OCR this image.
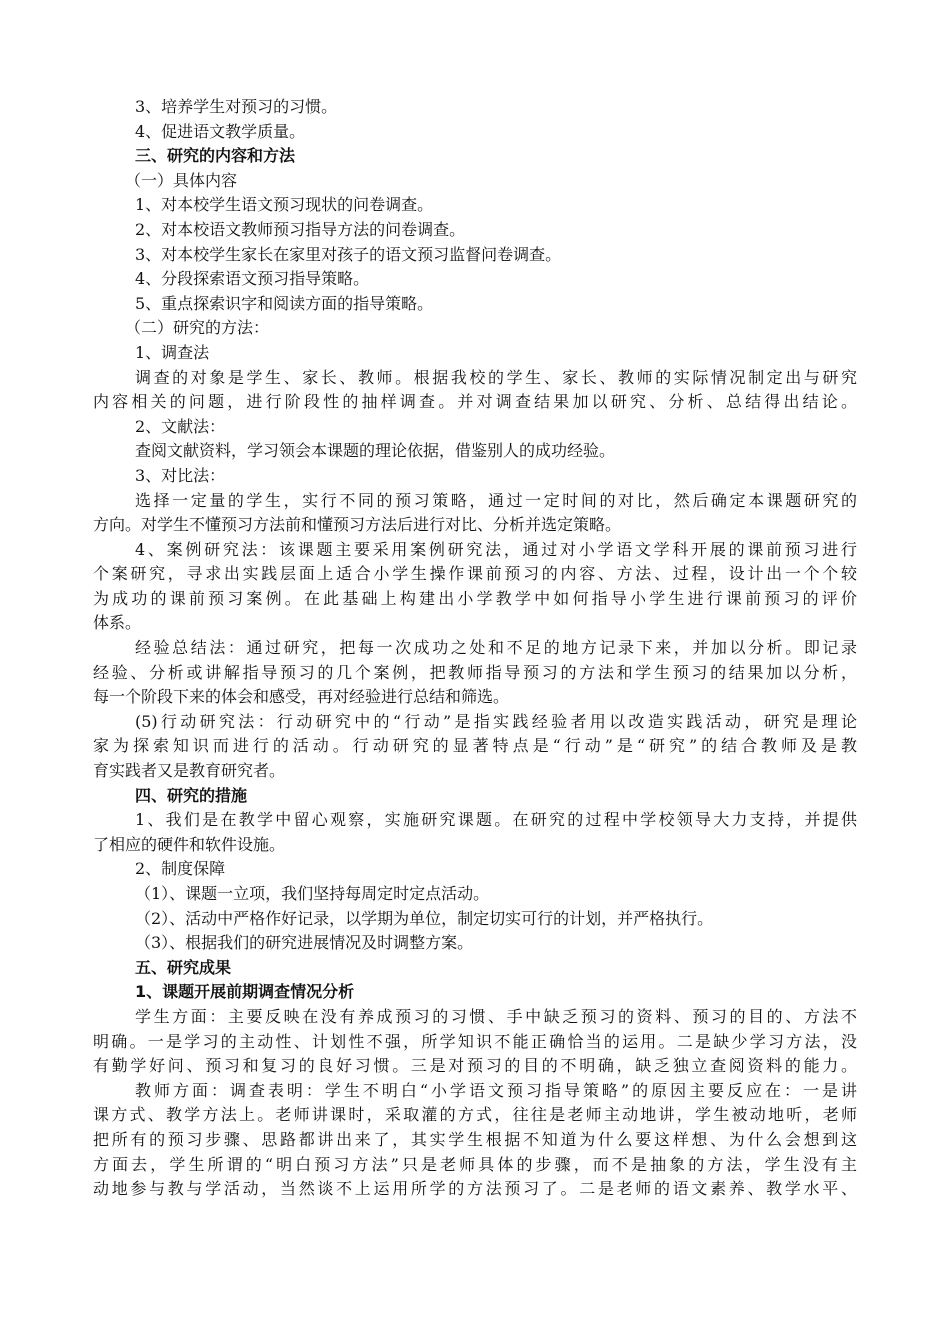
3、培养学生对预习的习惯。
4、促进语文教学质量。
三、研究的内容和方法
（一）具体内容
1、对本校学生语文预习现状的问卷调查。
2、对本校语文教师预习指导方法的问卷调查。
3、对本校学生家长在家里对孩子的语文预习监督问卷调查。
4、分段探索语文预习指导策略。
5、重点探索识字和阅读方面的指导策略。
（二）研究的方法：
1、调查法
调查的对象是学生、家长、教师。根据我校的学生、家长、教师的实际情况制定出与研究
内容相关的问题，进行阶段性的抽样调查。并对调查结果加以研究、分析、总结得出结论。
2、文献法：
查阅文献资料，学习领会本课题的理论依据，借鉴别人的成功经验。
3、对比法：
选择一定量的学生，实行不同的预习策略，通过一定时间的对比，然后确定本课题研究的
方向。对学生不懂预习方法前和懂预习方法后进行对比、分析并选定策略。
4、案例研究法：该课题主要采用案例研究法，通过对小学语文学科开展的课前预习进行
个案研究，寻求出实践层面上适合小学生操作课前预习的内容、方法、过程，设计出一个个较
为成功的课前预习案例。在此基础上构建出小学教学中如何指导小学生进行课前预习的评价
体系。
经验总结法：通过研究，把每一次成功之处和不足的地方记录下来，并加以分析。即记录
经验、分析或讲解指导预习的几个案例，把教师指导预习的方法和学生预习的结果加以分析，
每一个阶段下来的体会和感受，再对经验进行总结和筛选。
(5)行动研究法：行动研究中的“行动”是指实践经验者用以改造实践活动，研究是理论
家为探索知识而进行的活动。行动研究的显著特点是“行动”是“研究”的结合教师及是教
育实践者又是教育研究者。
四、研究的措施
1、我们是在教学中留心观察，实施研究课题。在研究的过程中学校领导大力支持，并提供
了相应的硬件和软件设施。
2、制度保障
（1）、课题一立项，我们坚持每周定时定点活动。
（2）、活动中严格作好记录，以学期为单位，制定切实可行的计划，并严格执行。
（3）、根据我们的研究进展情况及时调整方案。
五、研究成果
1、课题开展前期调查情况分析
学生方面：主要反映在没有养成预习的习惯、手中缺乏预习的资料、预习的目的、方法不
明确。一是学习的主动性、计划性不强，所学知识不能正确恰当的运用。二是缺少学习方法，没
有勤学好问、预习和复习的良好习惯。三是对预习的目的不明确，缺乏独立查阅资料的能力。
教师方面：调查表明：学生不明白“小学语文预习指导策略”的原因主要反应在：一是讲
课方式、教学方法上。老师讲课时，采取灌的方式，往往是老师主动地讲，学生被动地听，老师
把所有的预习步骤、思路都讲出来了，其实学生根据不知道为什么要这样想、为什么会想到这
方面去，学生所谓的“明白预习方法”只是老师具体的步骤，而不是抽象的方法，学生没有主
动地参与教与学活动，当然谈不上运用所学的方法预习了。二是老师的语文素养、教学水平、
